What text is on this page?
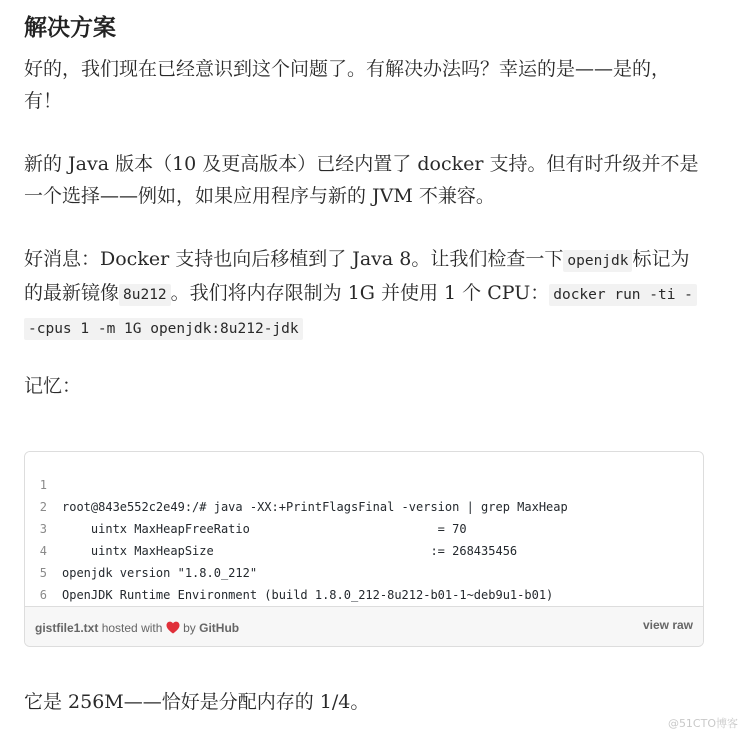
解决方案

好的，我们现在已经意识到这个问题了。有解决办法吗？幸运的是——是的，
有！

新的 Java 版本（10 及更高版本）已经内置了 docker 支持。但有时升级并不是
一个选择——例如，如果应用程序与新的 JVM 不兼容。

好消息：Docker 支持也向后移植到了 Java 8。让我们检查一下 openjdk 标记为
的最新镜像 8u212 。我们将内存限制为 1G 并使用 1 个 CPU： docker run -ti -
-cpus 1 -m 1G openjdk:8u212-jdk

记忆：

1

root@843e552c2e49:/# java -XX:+PrintFlagsFinal -version | grep MaxHeap

2

uintx MaxHeapFreeRatio                          = 70

3

uintx MaxHeapSize                              := 268435456

4

openjdk version "1.8.0_212"

5

OpenJDK Runtime Environment (build 1.8.0_212-8u212-b01-1~deb9u1-b01)

6

gistfile1.txt hosted with by GitHub	view raw

它是 256M——恰好是分配内存的 1/4。

@51CTO博客
